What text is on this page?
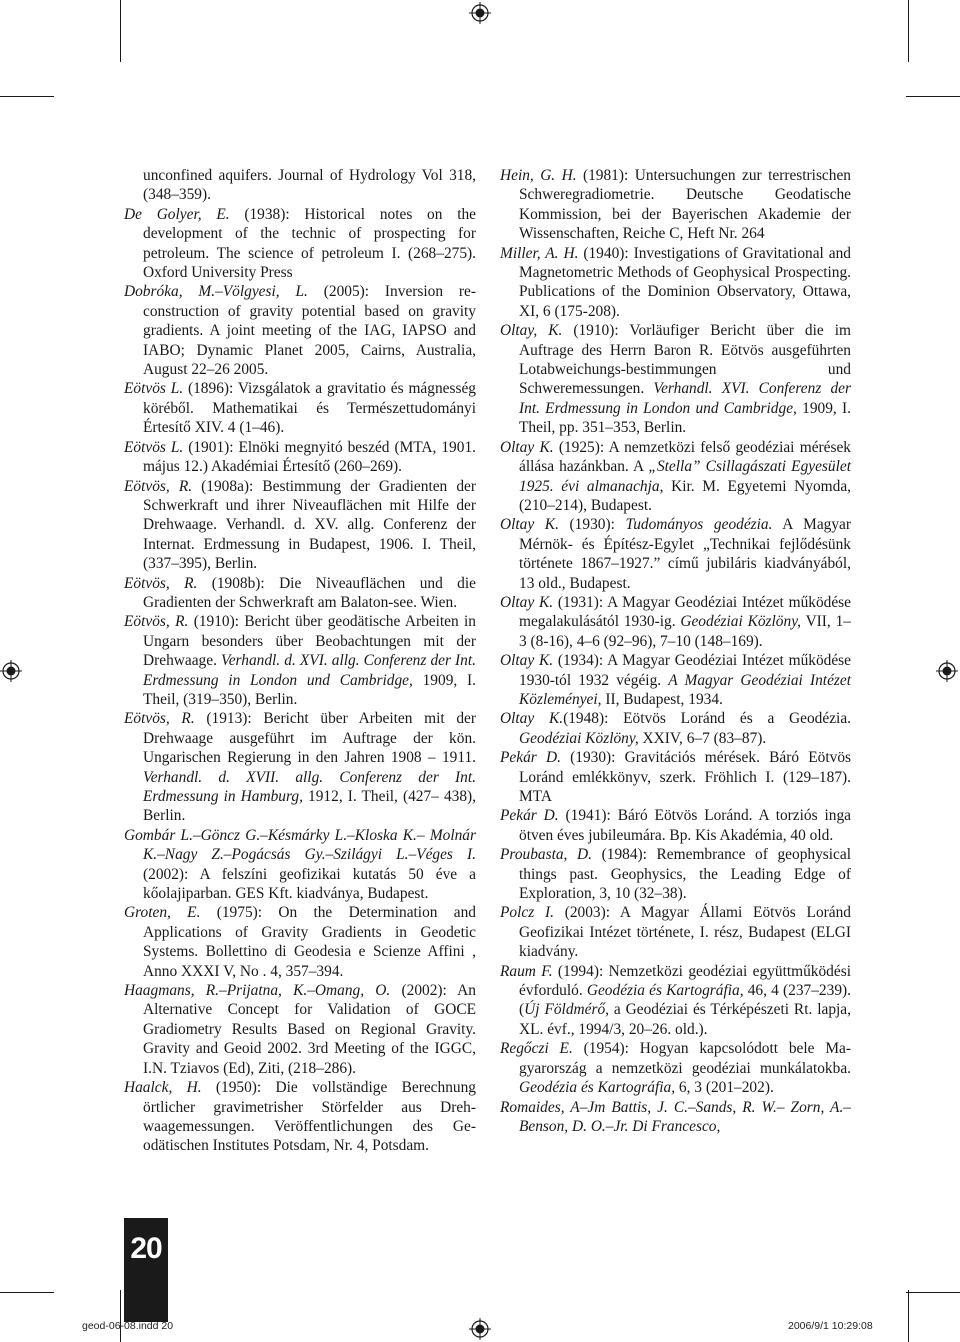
unconfined aquifers. Journal of Hydrology Vol 318, (348–359).

De Golyer, E. (1938): Historical notes on the development of the technic of prospecting for petroleum. The science of petroleum I. (268–275). Oxford University Press

Dobróka, M.–Völgyesi, L. (2005): Inversion reconstruction of gravity potential based on gravity gradients. A joint meeting of the IAG, IAPSO and IABO; Dynamic Planet 2005, Cairns, Australia, August 22–26 2005.

Eötvös L. (1896): Vizsgálatok a gravitatio és mágnesség köréből. Mathematikai és Természettudományi Értesítő XIV. 4 (1–46).

Eötvös L. (1901): Elnöki megnyitó beszéd (MTA, 1901. május 12.) Akadémiai Értesítő (260–269).

Eötvös, R. (1908a): Bestimmung der Gradienten der Schwerkraft und ihrer Niveauflächen mit Hilfe der Drehwaage. Verhandl. d. XV. allg. Conferenz der Internat. Erdmessung in Budapest, 1906. I. Theil, (337–395), Berlin.

Eötvös, R. (1908b): Die Niveauflächen und die Gradienten der Schwerkraft am Balaton-see. Wien.

Eötvös, R. (1910): Bericht über geodätische Arbeiten in Ungarn besonders über Beobachtungen mit der Drehwaage. Verhandl. d. XVI. allg. Conferenz der Int. Erdmessung in London und Cambridge, 1909, I. Theil, (319–350), Berlin.

Eötvös, R. (1913): Bericht über Arbeiten mit der Drehwaage ausgeführt im Auftrage der kön. Ungarischen Regierung in den Jahren 1908 – 1911. Verhandl. d. XVII. allg. Conferenz der Int. Erdmessung in Hamburg, 1912, I. Theil, (427– 438), Berlin.

Gombár L.–Göncz G.–Késmárky L.–Kloska K.– Molnár K.–Nagy Z.–Pogácsás Gy.–Szilágyi L.–Véges I. (2002): A felszíni geofizikai kutatás 50 éve a kőolajiparban. GES Kft. kiadványa, Budapest.

Groten, E. (1975): On the Determination and Applications of Gravity Gradients in Geodetic Systems. Bollettino di Geodesia e Scienze Affini , Anno XXXI V, No . 4, 357–394.

Haagmans, R.–Prijatna, K.–Omang, O. (2002): An Alternative Concept for Validation of GOCE Gradiometry Results Based on Regional Gravity. Gravity and Geoid 2002. 3rd Meeting of the IGGC, I.N. Tziavos (Ed), Ziti, (218–286).

Haalck, H. (1950): Die vollständige Berechnung örtlicher gravimetrisher Störfelder aus Drehwaagemessungen. Veröffentlichungen des Geodätischen Institutes Potsdam, Nr. 4, Potsdam.

Hein, G. H. (1981): Untersuchungen zur terrestrischen Schweregradiometrie. Deutsche Geodatische Kommission, bei der Bayerischen Akademie der Wissenschaften, Reiche C, Heft Nr. 264

Miller, A. H. (1940): Investigations of Gravitational and Magnetometric Methods of Geophysical Prospecting. Publications of the Dominion Observatory, Ottawa, XI, 6 (175-208).

Oltay, K. (1910): Vorläufiger Bericht über die im Auftrage des Herrn Baron R. Eötvös ausgeführten Lotabweichungs-bestimmungen und Schweremessungen. Verhandl. XVI. Conferenz der Int. Erdmessung in London und Cambridge, 1909, I. Theil, pp. 351–353, Berlin.

Oltay K. (1925): A nemzetközi felső geodéziai mérések állása hazánkban. A „Stella” Csillagászati Egyesület 1925. évi almanachja, Kir. M. Egyetemi Nyomda, (210–214), Budapest.

Oltay K. (1930): Tudományos geodézia. A Magyar Mérnök- és Építész-Egylet „Technikai fejlődésünk története 1867–1927.” című jubiláris kiadványából, 13 old., Budapest.

Oltay K. (1931): A Magyar Geodéziai Intézet működése megalakulásától 1930-ig. Geodéziai Közlöny, VII, 1–3 (8-16), 4–6 (92–96), 7–10 (148–169).

Oltay K. (1934): A Magyar Geodéziai Intézet működése 1930-tól 1932 végéig. A Magyar Geodéziai Intézet Közleményei, II, Budapest, 1934.

Oltay K.(1948): Eötvös Loránd és a Geodézia. Geodéziai Közlöny, XXIV, 6–7 (83–87).

Pekár D. (1930): Gravitációs mérések. Báró Eötvös Loránd emlékkönyv, szerk. Fröhlich I. (129–187). MTA

Pekár D. (1941): Báró Eötvös Loránd. A torziós inga ötven éves jubileumára. Bp. Kis Akadémia, 40 old.

Proubasta, D. (1984): Remembrance of geophysical things past. Geophysics, the Leading Edge of Exploration, 3, 10 (32–38).

Polcz I. (2003): A Magyar Állami Eötvös Loránd Geofizikai Intézet története, I. rész, Budapest (ELGI kiadvány.

Raum F. (1994): Nemzetközi geodéziai együttműködési évforduló. Geodézia és Kartográfia, 46, 4 (237–239). (Új Földmérő, a Geodéziai és Térképészeti Rt. lapja, XL. évf., 1994/3, 20–26. old.).

Regőczi E. (1954): Hogyan kapcsolódott bele Magyarország a nemzetközi geodéziai munkálatokba. Geodézia és Kartográfia, 6, 3 (201–202).

Romaides, A–Jm Battis, J. C.–Sands, R. W.– Zorn, A.–Benson, D. O.–Jr. Di Francesco,

20
geod-06-08.indd 20	2006/9/1 10:29:08
